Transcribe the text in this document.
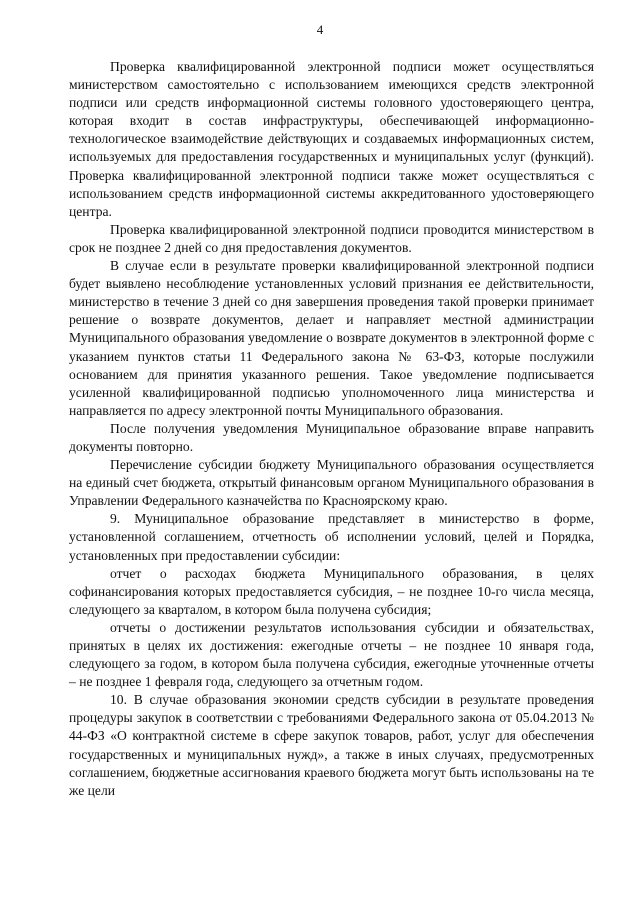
4

Проверка квалифицированной электронной подписи может осуществляться министерством самостоятельно с использованием имеющихся средств электронной подписи или средств информационной системы головного удостоверяющего центра, которая входит в состав инфраструктуры, обеспечивающей информационно-технологическое взаимодействие действующих и создаваемых информационных систем, используемых для предоставления государственных и муниципальных услуг (функций). Проверка квалифицированной электронной подписи также может осуществляться с использованием средств информационной системы аккредитованного удостоверяющего центра.

Проверка квалифицированной электронной подписи проводится министерством в срок не позднее 2 дней со дня предоставления документов.

В случае если в результате проверки квалифицированной электронной подписи будет выявлено несоблюдение установленных условий признания ее действительности, министерство в течение 3 дней со дня завершения проведения такой проверки принимает решение о возврате документов, делает и направляет местной администрации Муниципального образования уведомление о возврате документов в электронной форме с указанием пунктов статьи 11 Федерального закона № 63-ФЗ, которые послужили основанием для принятия указанного решения. Такое уведомление подписывается усиленной квалифицированной подписью уполномоченного лица министерства и направляется по адресу электронной почты Муниципального образования.

После получения уведомления Муниципальное образование вправе направить документы повторно.

Перечисление субсидии бюджету Муниципального образования осуществляется на единый счет бюджета, открытый финансовым органом Муниципального образования в Управлении Федерального казначейства по Красноярскому краю.

9. Муниципальное образование представляет в министерство в форме, установленной соглашением, отчетность об исполнении условий, целей и Порядка, установленных при предоставлении субсидии:

отчет о расходах бюджета Муниципального образования, в целях софинансирования которых предоставляется субсидия, – не позднее 10-го числа месяца, следующего за кварталом, в котором была получена субсидия;

отчеты о достижении результатов использования субсидии и обязательствах, принятых в целях их достижения: ежегодные отчеты – не позднее 10 января года, следующего за годом, в котором была получена субсидия, ежегодные уточненные отчеты – не позднее 1 февраля года, следующего за отчетным годом.

10. В случае образования экономии средств субсидии в результате проведения процедуры закупок в соответствии с требованиями Федерального закона от 05.04.2013 № 44-ФЗ «О контрактной системе в сфере закупок товаров, работ, услуг для обеспечения государственных и муниципальных нужд», а также в иных случаях, предусмотренных соглашением, бюджетные ассигнования краевого бюджета могут быть использованы на те же цели
